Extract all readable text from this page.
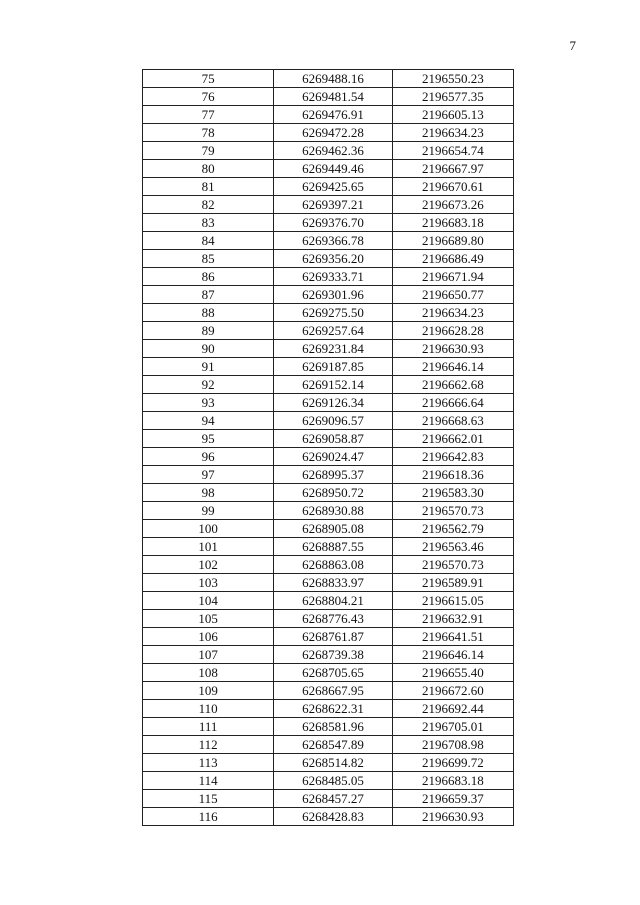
7
75	6269488.16	2196550.23
76	6269481.54	2196577.35
77	6269476.91	2196605.13
78	6269472.28	2196634.23
79	6269462.36	2196654.74
80	6269449.46	2196667.97
81	6269425.65	2196670.61
82	6269397.21	2196673.26
83	6269376.70	2196683.18
84	6269366.78	2196689.80
85	6269356.20	2196686.49
86	6269333.71	2196671.94
87	6269301.96	2196650.77
88	6269275.50	2196634.23
89	6269257.64	2196628.28
90	6269231.84	2196630.93
91	6269187.85	2196646.14
92	6269152.14	2196662.68
93	6269126.34	2196666.64
94	6269096.57	2196668.63
95	6269058.87	2196662.01
96	6269024.47	2196642.83
97	6268995.37	2196618.36
98	6268950.72	2196583.30
99	6268930.88	2196570.73
100	6268905.08	2196562.79
101	6268887.55	2196563.46
102	6268863.08	2196570.73
103	6268833.97	2196589.91
104	6268804.21	2196615.05
105	6268776.43	2196632.91
106	6268761.87	2196641.51
107	6268739.38	2196646.14
108	6268705.65	2196655.40
109	6268667.95	2196672.60
110	6268622.31	2196692.44
111	6268581.96	2196705.01
112	6268547.89	2196708.98
113	6268514.82	2196699.72
114	6268485.05	2196683.18
115	6268457.27	2196659.37
116	6268428.83	2196630.93
